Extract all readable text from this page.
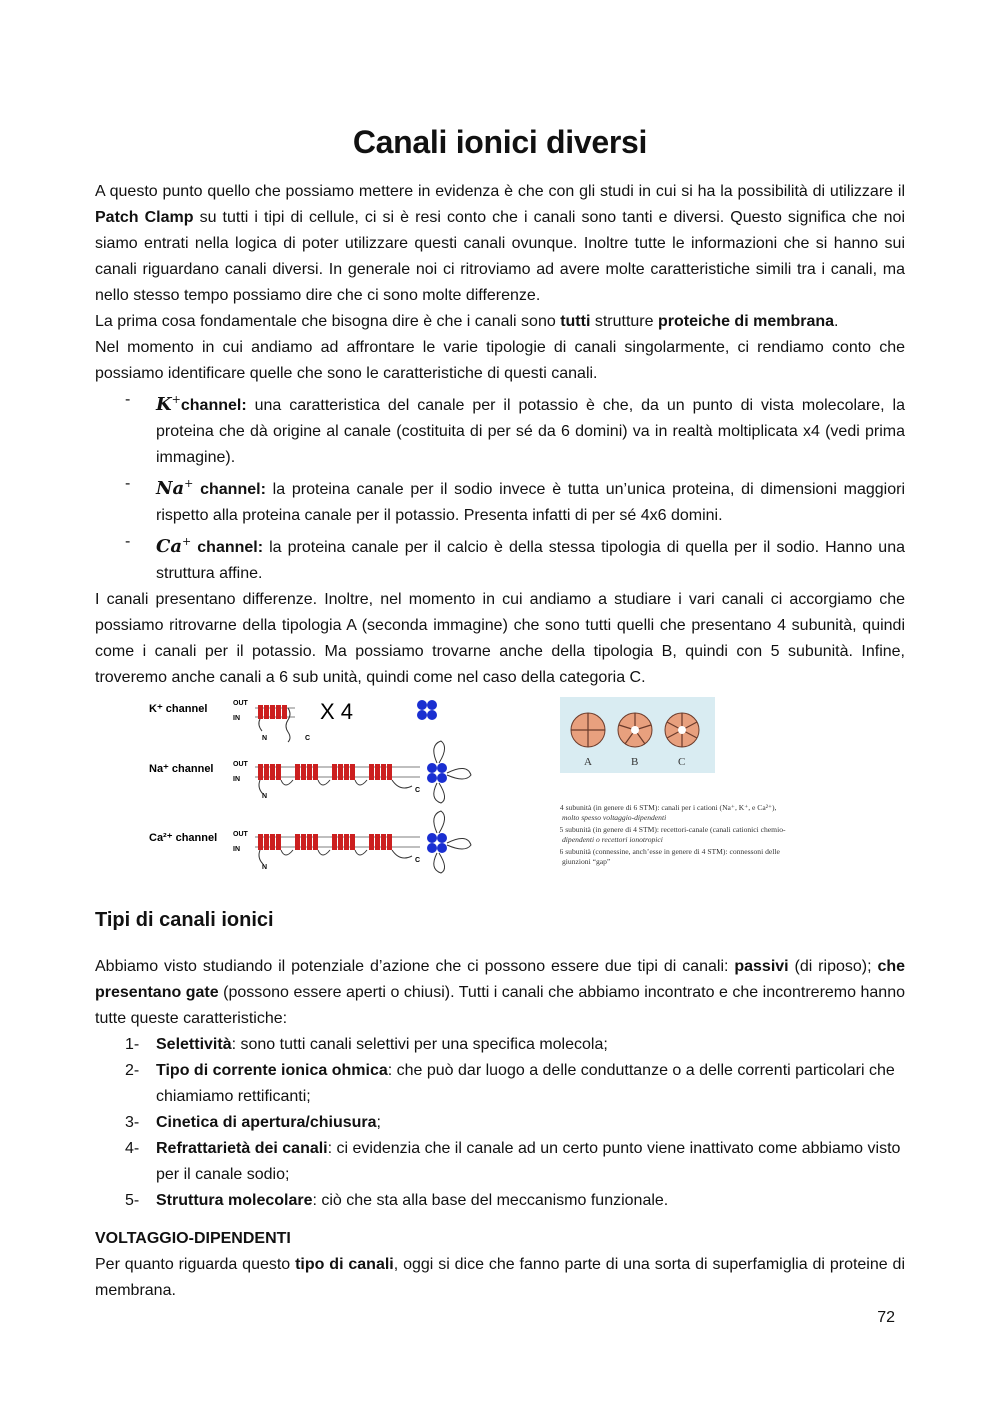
Canali ionici diversi

A questo punto quello che possiamo mettere in evidenza è che con gli studi in cui si ha la possibilità di utilizzare il Patch Clamp su tutti i tipi di cellule, ci si è resi conto che i canali sono tanti e diversi. Questo significa che noi siamo entrati nella logica di poter utilizzare questi canali ovunque. Inoltre tutte le informazioni che si hanno sui canali riguardano canali diversi. In generale noi ci ritroviamo ad avere molte caratteristiche simili tra i canali, ma nello stesso tempo possiamo dire che ci sono molte differenze.

La prima cosa fondamentale che bisogna dire è che i canali sono tutti strutture proteiche di membrana.

Nel momento in cui andiamo ad affrontare le varie tipologie di canali singolarmente, ci rendiamo conto che possiamo identificare quelle che sono le caratteristiche di questi canali.

- K+channel: una caratteristica del canale per il potassio è che, da un punto di vista molecolare, la proteina che dà origine al canale (costituita di per sé da 6 domini) va in realtà moltiplicata x4 (vedi prima immagine).
- Na+ channel: la proteina canale per il sodio invece è tutta un’unica proteina, di dimensioni maggiori rispetto alla proteina canale per il potassio. Presenta infatti di per sé 4x6 domini.
- Ca+ channel: la proteina canale per il calcio è della stessa tipologia di quella per il sodio. Hanno una struttura affine.

I canali presentano differenze. Inoltre, nel momento in cui andiamo a studiare i vari canali ci accorgiamo che possiamo ritrovarne della tipologia A (seconda immagine) che sono tutti quelli che presentano 4 subunità, quindi come i canali per il potassio. Ma possiamo trovarne anche della tipologia B, quindi con 5 subunità. Infine, troveremo anche canali a 6 sub unità, quindi come nel caso della categoria C.

K⁺ channel
Na⁺ channel
Ca²⁺ channel
OUT
IN
OUT
IN
OUT
IN
N	C
N
C
N
C
X 4
A	B	C
A) 4 subunità (in genere di 6 STM): canali per i cationi (Na⁺, K⁺, e Ca²⁺),
molto spesso voltaggio-dipendenti
B) 5 subunità (in genere di 4 STM): recettori-canale (canali cationici chemio-
dipendenti o recettori ionotropici
C) 6 subunità (connessine, anch’esse in genere di 4 STM): connessoni delle
giunzioni “gap”
Tipi di canali ionici

Abbiamo visto studiando il potenziale d’azione che ci possono essere due tipi di canali: passivi (di riposo); che presentano gate (possono essere aperti o chiusi). Tutti i canali che abbiamo incontrato e che incontreremo hanno tutte queste caratteristiche:

1- Selettività: sono tutti canali selettivi per una specifica molecola;
2- Tipo di corrente ionica ohmica: che può dar luogo a delle conduttanze o a delle correnti particolari che chiamiamo rettificanti;
3- Cinetica di apertura/chiusura;
4- Refrattarietà dei canali: ci evidenzia che il canale ad un certo punto viene inattivato come abbiamo visto per il canale sodio;
5- Struttura molecolare: ciò che sta alla base del meccanismo funzionale.
VOLTAGGIO-DIPENDENTI

Per quanto riguarda questo tipo di canali, oggi si dice che fanno parte di una sorta di superfamiglia di proteine di membrana.

72
